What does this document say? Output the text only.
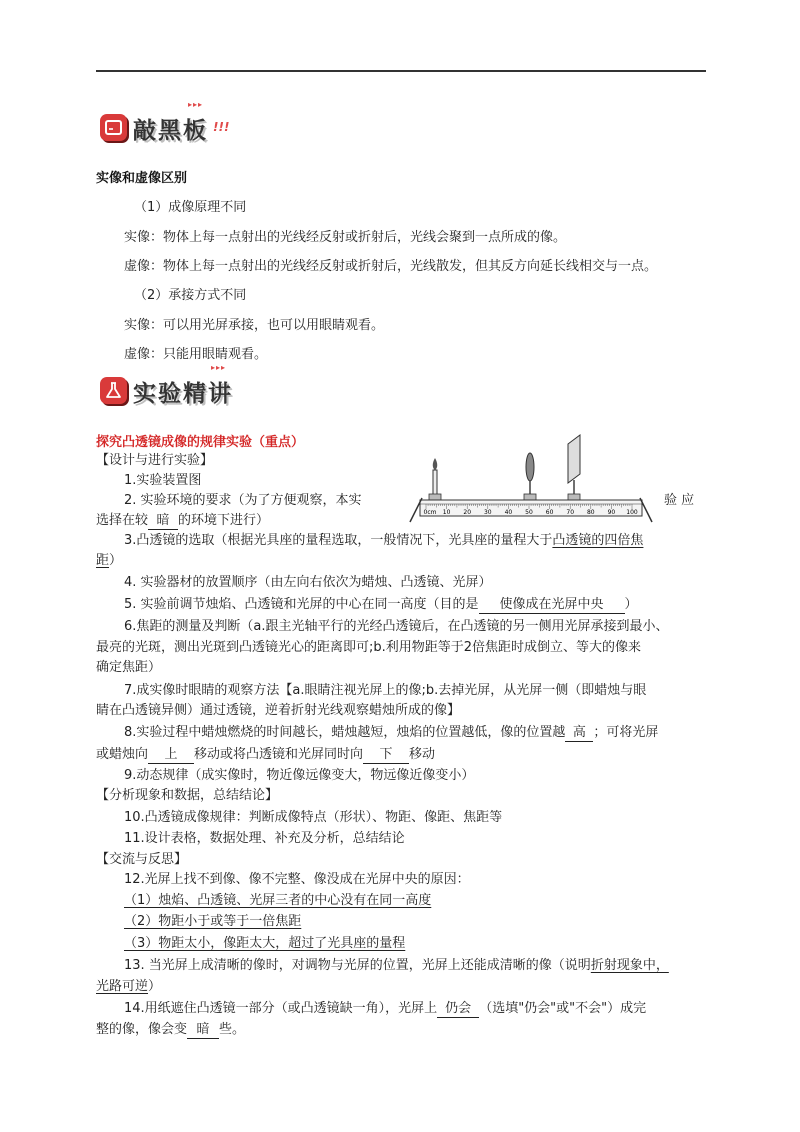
▸▸▸
敲黑板 !!!
实像和虚像区别
（1）成像原理不同
实像：物体上每一点射出的光线经反射或折射后，光线会聚到一点所成的像。
虚像：物体上每一点射出的光线经反射或折射后，光线散发，但其反方向延长线相交与一点。
（2）承接方式不同
实像：可以用光屏承接，也可以用眼睛观看。
虚像：只能用眼睛观看。
▸▸▸
实验精讲
探究凸透镜成像的规律实验（重点）
【设计与进行实验】
1.实验装置图
2. 实验环境的要求（为了方便观察，本实	验 应
选择在较 暗 的环境下进行）
0cm 10 20 30 40 50 60 70 80 90 100
3.凸透镜的选取（根据光具座的量程选取，一般情况下，光具座的量程大于凸透镜的四倍焦
距）
4. 实验器材的放置顺序（由左向右依次为蜡烛、凸透镜、光屏）
5. 实验前调节烛焰、凸透镜和光屏的中心在同一高度（目的是 使像成在光屏中央 ）
6.焦距的测量及判断（a.跟主光轴平行的光经凸透镜后，在凸透镜的另一侧用光屏承接到最小、
最亮的光斑，测出光斑到凸透镜光心的距离即可;b.利用物距等于2倍焦距时成倒立、等大的像来
确定焦距）
7.成实像时眼睛的观察方法【a.眼睛注视光屏上的像;b.去掉光屏，从光屏一侧（即蜡烛与眼
睛在凸透镜异侧）通过透镜，逆着折射光线观察蜡烛所成的像】
8.实验过程中蜡烛燃烧的时间越长，蜡烛越短，烛焰的位置越低，像的位置越 高 ；可将光屏
或蜡烛向 上 移动或将凸透镜和光屏同时向 下 移动
9.动态规律（成实像时，物近像远像变大，物远像近像变小）
【分析现象和数据，总结结论】
10.凸透镜成像规律：判断成像特点（形状）、物距、像距、焦距等
11.设计表格，数据处理、补充及分析，总结结论
【交流与反思】
12.光屏上找不到像、像不完整、像没成在光屏中央的原因：
（1）烛焰、凸透镜、光屏三者的中心没有在同一高度
（2）物距小于或等于一倍焦距
（3）物距太小，像距太大，超过了光具座的量程
13. 当光屏上成清晰的像时，对调物与光屏的位置，光屏上还能成清晰的像（说明折射现象中，
光路可逆）
14.用纸遮住凸透镜一部分（或凸透镜缺一角），光屏上 仍会 （选填"仍会"或"不会"）成完
整的像，像会变 暗 些。
